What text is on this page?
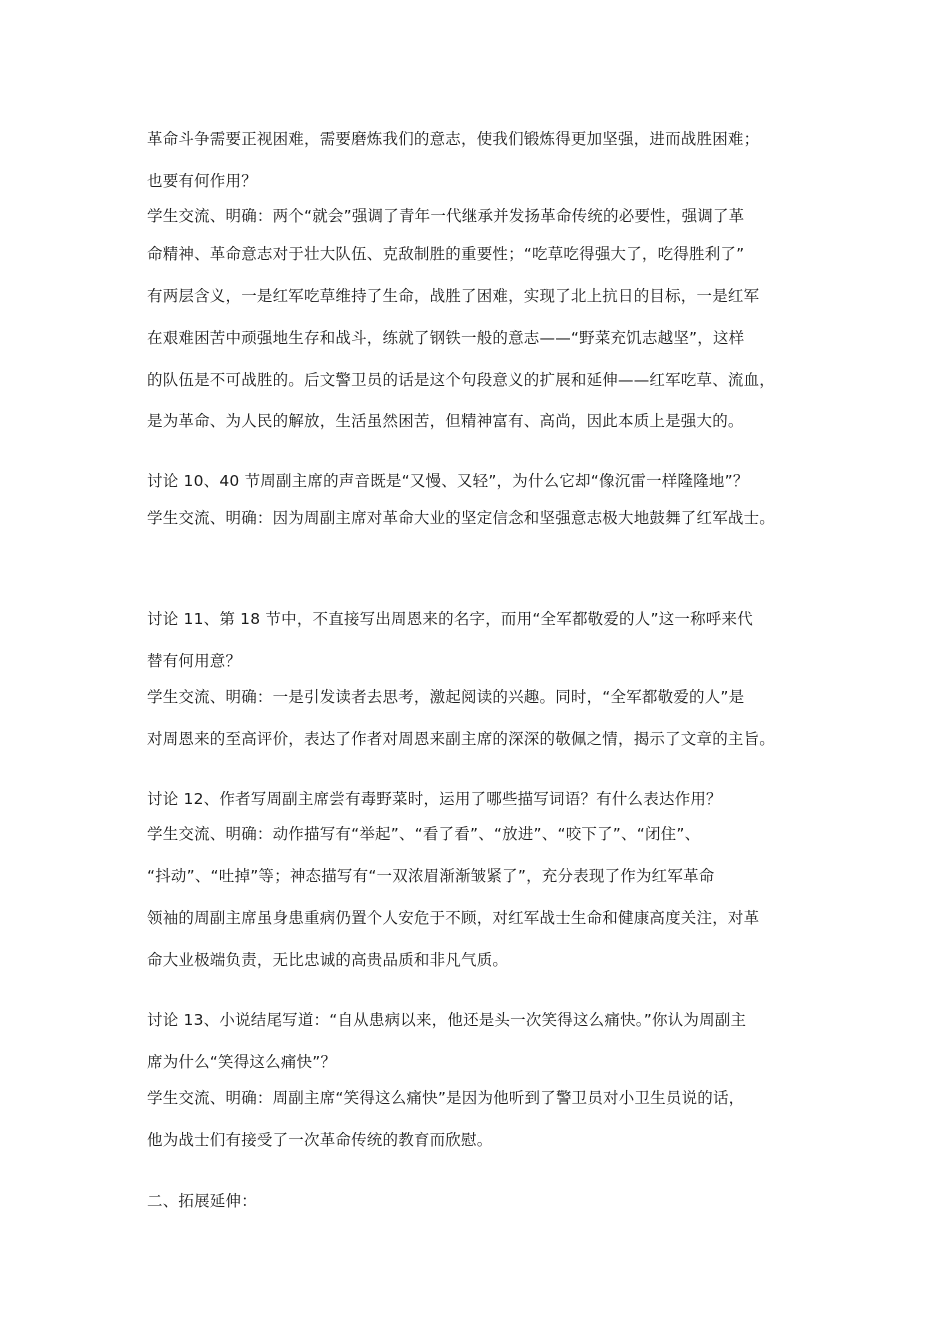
革命斗争需要正视困难，需要磨炼我们的意志，使我们锻炼得更加坚强，进而战胜困难；
也要有何作用？
学生交流、明确：两个“就会”强调了青年一代继承并发扬革命传统的必要性，强调了革
命精神、革命意志对于壮大队伍、克敌制胜的重要性；“吃草吃得强大了，吃得胜利了”
有两层含义，一是红军吃草维持了生命，战胜了困难，实现了北上抗日的目标，一是红军
在艰难困苦中顽强地生存和战斗，练就了钢铁一般的意志——“野菜充饥志越坚”，这样
的队伍是不可战胜的。后文警卫员的话是这个句段意义的扩展和延伸——红军吃草、流血，
是为革命、为人民的解放，生活虽然困苦，但精神富有、高尚，因此本质上是强大的。
讨论 10、40 节周副主席的声音既是“又慢、又轻”，为什么它却“像沉雷一样隆隆地”？
学生交流、明确：因为周副主席对革命大业的坚定信念和坚强意志极大地鼓舞了红军战士。
讨论 11、第 18 节中，不直接写出周恩来的名字，而用“全军都敬爱的人”这一称呼来代
替有何用意？
学生交流、明确：一是引发读者去思考，激起阅读的兴趣。同时，“全军都敬爱的人”是
对周恩来的至高评价，表达了作者对周恩来副主席的深深的敬佩之情，揭示了文章的主旨。
讨论 12、作者写周副主席尝有毒野菜时，运用了哪些描写词语？有什么表达作用？
学生交流、明确：动作描写有“举起”、“看了看”、“放进”、“咬下了”、“闭住”、
“抖动”、“吐掉”等；神态描写有“一双浓眉渐渐皱紧了”，充分表现了作为红军革命
领袖的周副主席虽身患重病仍置个人安危于不顾，对红军战士生命和健康高度关注，对革
命大业极端负责，无比忠诚的高贵品质和非凡气质。
讨论 13、小说结尾写道：“自从患病以来，他还是头一次笑得这么痛快。”你认为周副主
席为什么“笑得这么痛快”？
学生交流、明确：周副主席“笑得这么痛快”是因为他听到了警卫员对小卫生员说的话，
他为战士们有接受了一次革命传统的教育而欣慰。
二、拓展延伸：
